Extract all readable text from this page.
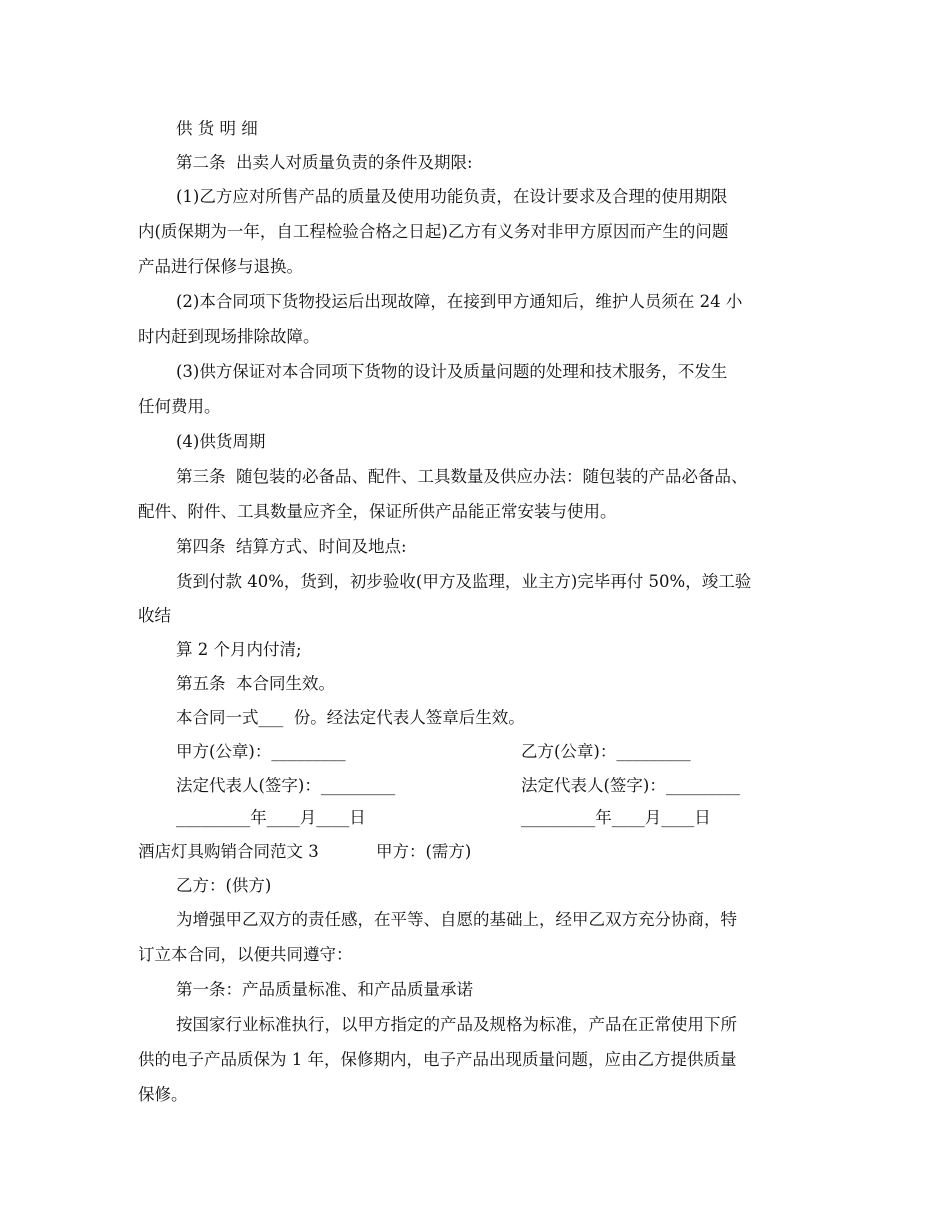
供 货 明 细
第二条  出卖人对质量负责的条件及期限:
(1)乙方应对所售产品的质量及使用功能负责，在设计要求及合理的使用期限
内(质保期为一年，自工程检验合格之日起)乙方有义务对非甲方原因而产生的问题
产品进行保修与退换。
(2)本合同项下货物投运后出现故障，在接到甲方通知后，维护人员须在 24 小
时内赶到现场排除故障。
(3)供方保证对本合同项下货物的设计及质量问题的处理和技术服务，不发生
任何费用。
(4)供货周期
第三条  随包装的必备品、配件、工具数量及供应办法：随包装的产品必备品、
配件、附件、工具数量应齐全，保证所供产品能正常安装与使用。
第四条  结算方式、时间及地点:
货到付款 40%，货到，初步验收(甲方及监理，业主方)完毕再付 50%，竣工验
收结
算 2 个月内付清;
第五条  本合同生效。
本合同一式___  份。经法定代表人签章后生效。
甲方(公章)：_________	乙方(公章)：_________
法定代表人(签字)：_________	法定代表人(签字)：_________
_________年____月____日	_________年____月____日
酒店灯具购销合同范文 3	甲方：(需方)
乙方：(供方)
为增强甲乙双方的责任感，在平等、自愿的基础上，经甲乙双方充分协商，特
订立本合同，以便共同遵守：
第一条：产品质量标准、和产品质量承诺
按国家行业标准执行，以甲方指定的产品及规格为标准，产品在正常使用下所
供的电子产品质保为 1 年，保修期内，电子产品出现质量问题，应由乙方提供质量
保修。
